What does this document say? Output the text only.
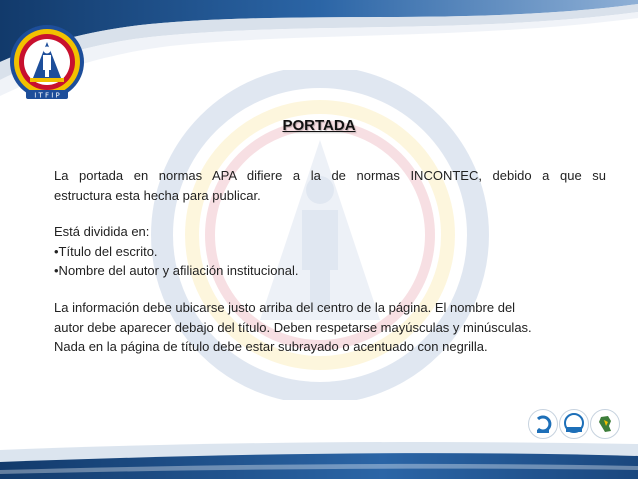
I T F I P
PORTADA
La portada en normas APA difiere a la de normas INCONTEC, debido a que su
estructura esta hecha para publicar.
Está dividida en:
•Título del escrito.
•Nombre del autor y afiliación institucional.
La información debe ubicarse justo arriba del centro de la página. El nombre del
autor debe aparecer debajo del título. Deben respetarse mayúsculas y minúsculas.
Nada en la página de título debe estar subrayado o acentuado con negrilla.
